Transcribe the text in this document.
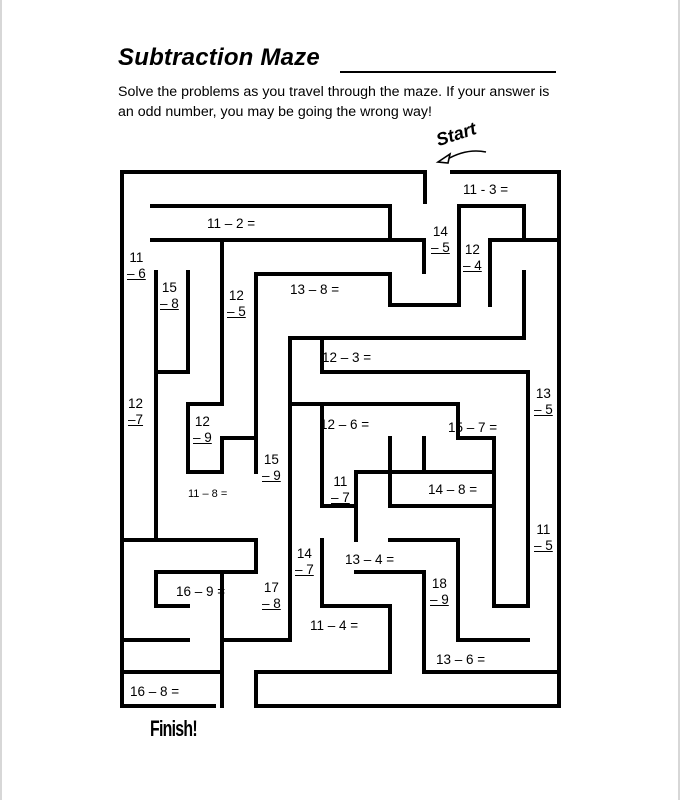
Subtraction Maze
Solve the problems as you travel through the maze. If your answer is an odd number, you may be going the wrong way!
Start
11 - 3 =
11 – 2 =
14
– 5 12
– 4
11
– 6
15
– 8
12
– 5
13 – 8 =
12 – 3 =
13
– 5
12
–7	12
– 9
12 – 6 =	15 – 7 =
15
– 9	11
– 7
11 – 8 =	14 – 8 =
11
– 5
14
– 7
13 – 4 =
18
– 9
16 – 9 =	17
– 8
11 – 4 =
13 – 6 =
16 – 8 =
Finish!
